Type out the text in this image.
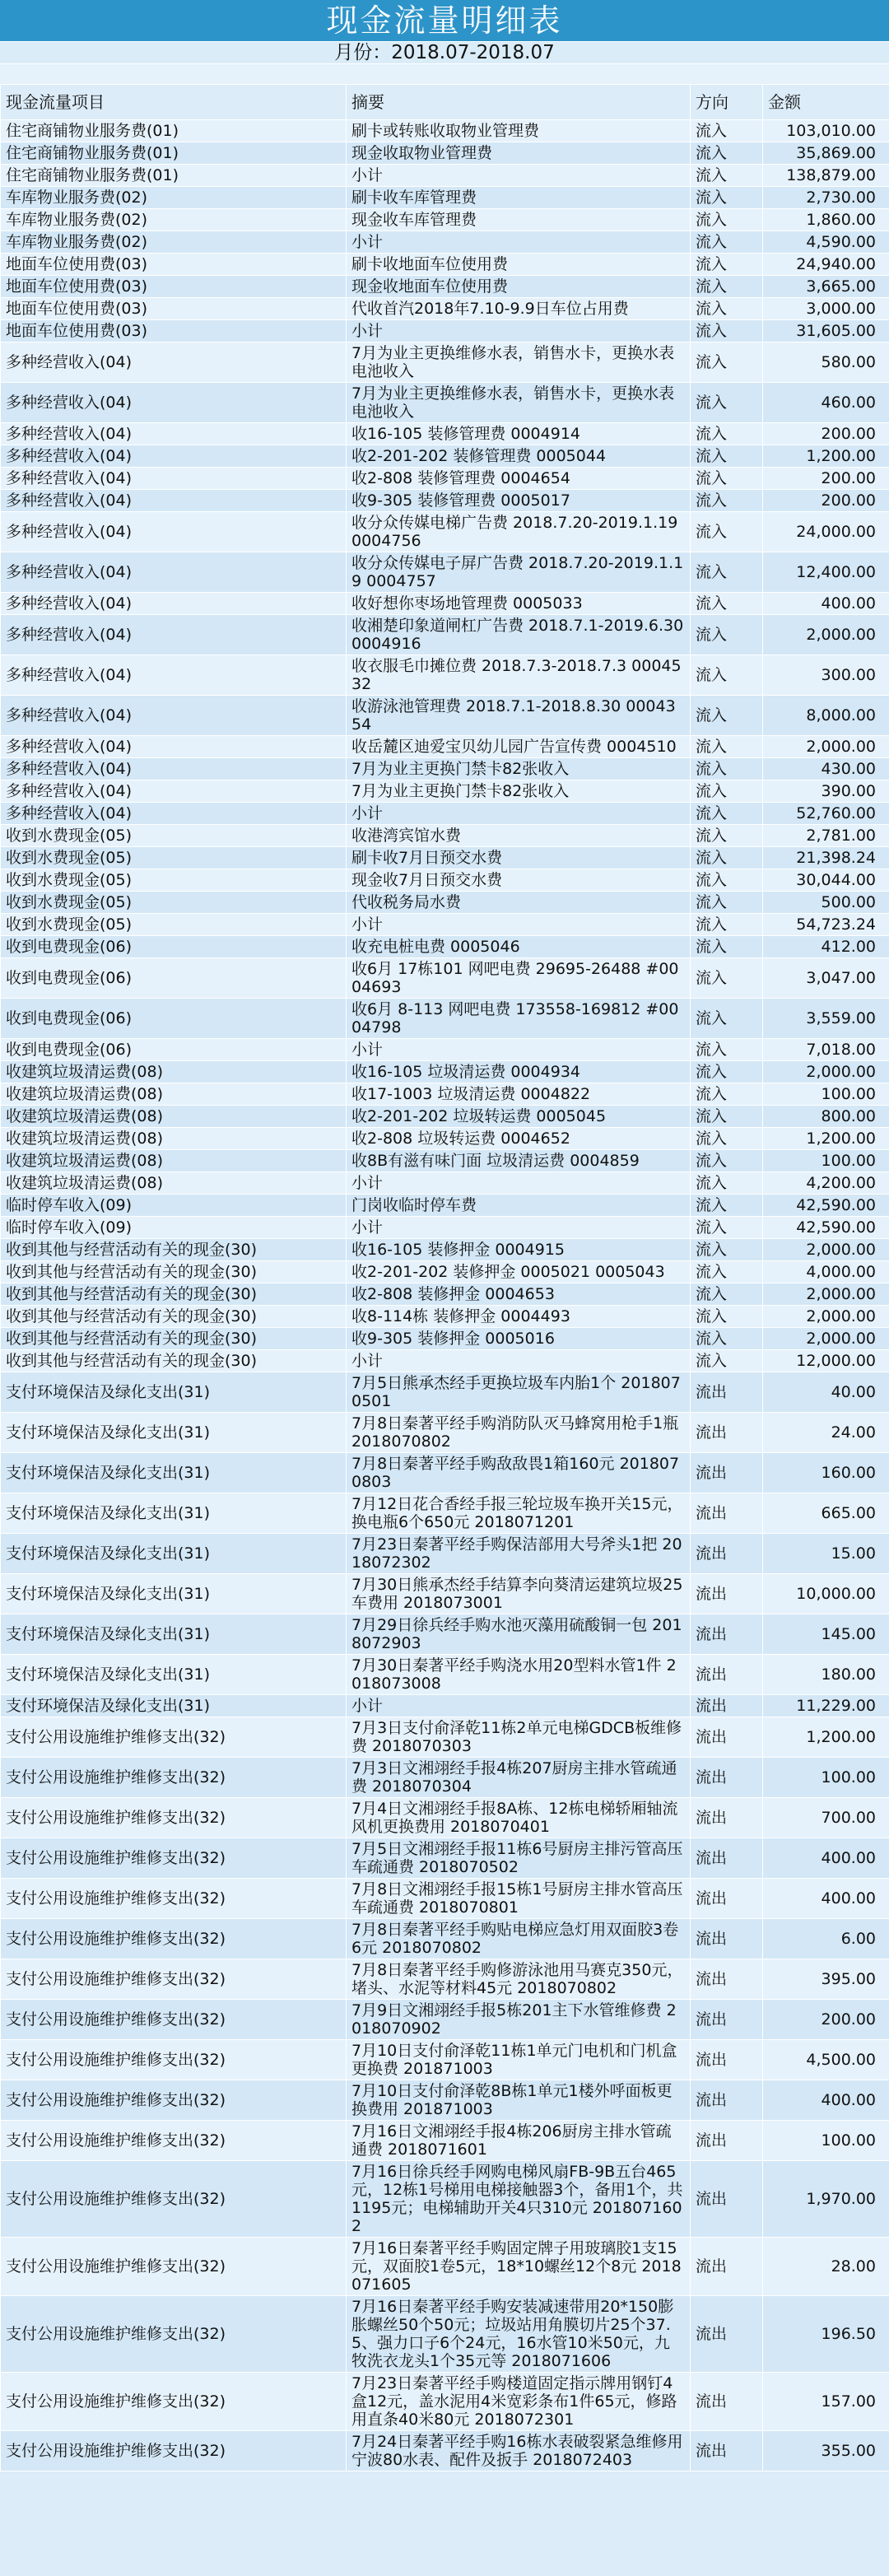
现金流量明细表
月份：2018.07-2018.07
现金流量项目	摘要	方向	金额
住宅商铺物业服务费(01)	刷卡或转账收取物业管理费	流入	103,010.00
住宅商铺物业服务费(01)	现金收取物业管理费	流入	35,869.00
住宅商铺物业服务费(01)	小计	流入	138,879.00
车库物业服务费(02)	刷卡收车库管理费	流入	2,730.00
车库物业服务费(02)	现金收车库管理费	流入	1,860.00
车库物业服务费(02)	小计	流入	4,590.00
地面车位使用费(03)	刷卡收地面车位使用费	流入	24,940.00
地面车位使用费(03)	现金收地面车位使用费	流入	3,665.00
地面车位使用费(03)	代收首汽2018年7.10-9.9日车位占用费	流入	3,000.00
地面车位使用费(03)	小计	流入	31,605.00
多种经营收入(04)	7月为业主更换维修水表，销售水卡，更换水表电池收入	流入	580.00
多种经营收入(04)	7月为业主更换维修水表，销售水卡，更换水表电池收入	流入	460.00
多种经营收入(04)	收16-105 装修管理费 0004914	流入	200.00
多种经营收入(04)	收2-201-202 装修管理费 0005044	流入	1,200.00
多种经营收入(04)	收2-808 装修管理费 0004654	流入	200.00
多种经营收入(04)	收9-305 装修管理费 0005017	流入	200.00
多种经营收入(04)	收分众传媒电梯广告费 2018.7.20-2019.1.19 0004756	流入	24,000.00
多种经营收入(04)	收分众传媒电子屏广告费 2018.7.20-2019.1.19 0004757	流入	12,400.00
多种经营收入(04)	收好想你枣场地管理费 0005033	流入	400.00
多种经营收入(04)	收湘楚印象道闸杠广告费 2018.7.1-2019.6.30 0004916	流入	2,000.00
多种经营收入(04)	收衣服毛巾摊位费 2018.7.3-2018.7.3 0004532	流入	300.00
多种经营收入(04)	收游泳池管理费 2018.7.1-2018.8.30 0004354	流入	8,000.00
多种经营收入(04)	收岳麓区迪爱宝贝幼儿园广告宣传费 0004510	流入	2,000.00
多种经营收入(04)	7月为业主更换门禁卡82张收入	流入	430.00
多种经营收入(04)	7月为业主更换门禁卡82张收入	流入	390.00
多种经营收入(04)	小计	流入	52,760.00
收到水费现金(05)	收港湾宾馆水费	流入	2,781.00
收到水费现金(05)	刷卡收7月日预交水费	流入	21,398.24
收到水费现金(05)	现金收7月日预交水费	流入	30,044.00
收到水费现金(05)	代收税务局水费	流入	500.00
收到水费现金(05)	小计	流入	54,723.24
收到电费现金(06)	收充电桩电费 0005046	流入	412.00
收到电费现金(06)	收6月 17栋101 网吧电费 29695-26488 #0004693	流入	3,047.00
收到电费现金(06)	收6月 8-113 网吧电费 173558-169812 #0004798	流入	3,559.00
收到电费现金(06)	小计	流入	7,018.00
收建筑垃圾清运费(08)	收16-105 垃圾清运费 0004934	流入	2,000.00
收建筑垃圾清运费(08)	收17-1003 垃圾清运费 0004822	流入	100.00
收建筑垃圾清运费(08)	收2-201-202 垃圾转运费 0005045	流入	800.00
收建筑垃圾清运费(08)	收2-808 垃圾转运费 0004652	流入	1,200.00
收建筑垃圾清运费(08)	收8B有滋有味门面 垃圾清运费 0004859	流入	100.00
收建筑垃圾清运费(08)	小计	流入	4,200.00
临时停车收入(09)	门岗收临时停车费	流入	42,590.00
临时停车收入(09)	小计	流入	42,590.00
收到其他与经营活动有关的现金(30)	收16-105 装修押金 0004915	流入	2,000.00
收到其他与经营活动有关的现金(30)	收2-201-202 装修押金 0005021 0005043	流入	4,000.00
收到其他与经营活动有关的现金(30)	收2-808 装修押金 0004653	流入	2,000.00
收到其他与经营活动有关的现金(30)	收8-114栋 装修押金 0004493	流入	2,000.00
收到其他与经营活动有关的现金(30)	收9-305 装修押金 0005016	流入	2,000.00
收到其他与经营活动有关的现金(30)	小计	流入	12,000.00
支付环境保洁及绿化支出(31)	7月5日熊承杰经手更换垃圾车内胎1个 2018070501	流出	40.00
支付环境保洁及绿化支出(31)	7月8日秦著平经手购消防队灭马蜂窝用枪手1瓶 2018070802	流出	24.00
支付环境保洁及绿化支出(31)	7月8日秦著平经手购敌敌畏1箱160元 2018070803	流出	160.00
支付环境保洁及绿化支出(31)	7月12日花合香经手报三轮垃圾车换开关15元，换电瓶6个650元 2018071201	流出	665.00
支付环境保洁及绿化支出(31)	7月23日秦著平经手购保洁部用大号斧头1把 2018072302	流出	15.00
支付环境保洁及绿化支出(31)	7月30日熊承杰经手结算李向葵清运建筑垃圾25车费用 2018073001	流出	10,000.00
支付环境保洁及绿化支出(31)	7月29日徐兵经手购水池灭藻用硫酸铜一包 2018072903	流出	145.00
支付环境保洁及绿化支出(31)	7月30日秦著平经手购浇水用20型料水管1件 2018073008	流出	180.00
支付环境保洁及绿化支出(31)	小计	流出	11,229.00
支付公用设施维护维修支出(32)	7月3日支付俞泽乾11栋2单元电梯GDCB板维修费 2018070303	流出	1,200.00
支付公用设施维护维修支出(32)	7月3日文湘翊经手报4栋207厨房主排水管疏通费 2018070304	流出	100.00
支付公用设施维护维修支出(32)	7月4日文湘翊经手报8A栋、12栋电梯轿厢轴流风机更换费用 2018070401	流出	700.00
支付公用设施维护维修支出(32)	7月5日文湘翊经手报11栋6号厨房主排污管高压车疏通费 2018070502	流出	400.00
支付公用设施维护维修支出(32)	7月8日文湘翊经手报15栋1号厨房主排水管高压车疏通费 2018070801	流出	400.00
支付公用设施维护维修支出(32)	7月8日秦著平经手购贴电梯应急灯用双面胶3卷6元 2018070802	流出	6.00
支付公用设施维护维修支出(32)	7月8日秦著平经手购修游泳池用马赛克350元，堵头、水泥等材料45元 2018070802	流出	395.00
支付公用设施维护维修支出(32)	7月9日文湘翊经手报5栋201主下水管维修费 2018070902	流出	200.00
支付公用设施维护维修支出(32)	7月10日支付俞泽乾11栋1单元门电机和门机盒更换费 201871003	流出	4,500.00
支付公用设施维护维修支出(32)	7月10日支付俞泽乾8B栋1单元1楼外呼面板更换费用 201871003	流出	400.00
支付公用设施维护维修支出(32)	7月16日文湘翊经手报4栋206厨房主排水管疏通费 2018071601	流出	100.00
支付公用设施维护维修支出(32)	7月16日徐兵经手网购电梯风扇FB-9B五台465元，12栋1号梯用电梯接触器3个，备用1个，共1195元；电梯辅助开关4只310元 2018071602	流出	1,970.00
支付公用设施维护维修支出(32)	7月16日秦著平经手购固定牌子用玻璃胶1支15元，双面胶1卷5元，18*10螺丝12个8元 2018071605	流出	28.00
支付公用设施维护维修支出(32)	7月16日秦著平经手购安装减速带用20*150膨胀螺丝50个50元；垃圾站用角膜切片25个37.5、强力口子6个24元，16水管10米50元，九牧洗衣龙头1个35元等 2018071606	流出	196.50
支付公用设施维护维修支出(32)	7月23日秦著平经手购楼道固定指示牌用钢钉4盒12元，盖水泥用4米宽彩条布1件65元，修路用直条40米80元 2018072301	流出	157.00
支付公用设施维护维修支出(32)	7月24日秦著平经手购16栋水表破裂紧急维修用宁波80水表、配件及扳手 2018072403	流出	355.00
